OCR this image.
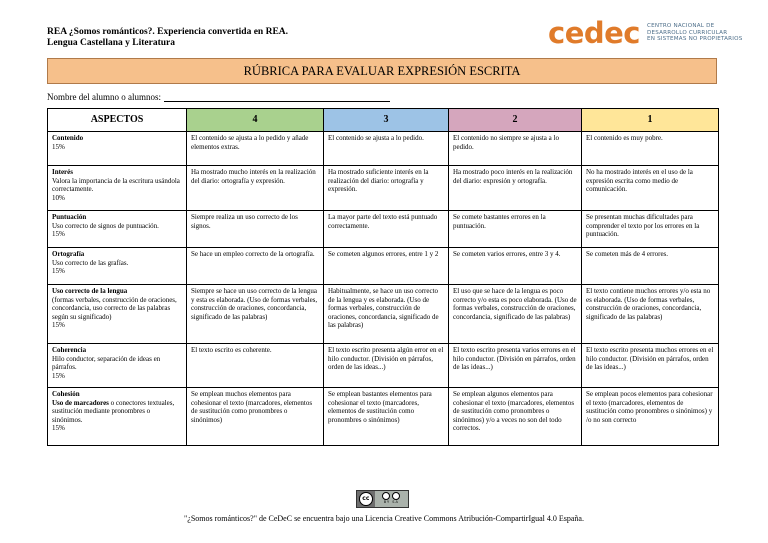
REA ¿Somos románticos?. Experiencia convertida en REA.
Lengua Castellana y Literatura	cedec CENTRO NACIONAL DE
DESARROLLO CURRICULAR
EN SISTEMAS NO PROPIETARIOS
RÚBRICA PARA EVALUAR EXPRESIÓN ESCRITA
Nombre del alumno o alumnos:
ASPECTOS	4	3	2	1
Contenido
15%	El contenido se ajusta a lo pedido y añade elementos extras.	El contenido se ajusta a lo pedido.	El contenido no siempre se ajusta a lo pedido.	El contenido es muy pobre.
Interés
Valora la importancia de la escritura usándola correctamente.
10%	Ha mostrado mucho interés en la realización del diario: ortografía y expresión.	Ha mostrado suficiente interés en la realización del diario: ortografía y expresión.	Ha mostrado poco interés en la realización del diario: expresión y ortografía.	No ha mostrado interés en el uso de la expresión escrita como medio de comunicación.
Puntuación
Uso correcto de signos de puntuación.
15%	Siempre realiza un uso correcto de los signos.	La mayor parte del texto está puntuado correctamente.	Se comete bastantes errores en la puntuación.	Se presentan muchas dificultades para comprender el texto por los errores en la puntuación.
Ortografía
Uso correcto de las grafías.
15%	Se hace un empleo correcto de la ortografía.	Se cometen algunos errores, entre 1 y 2	Se cometen varios errores, entre 3 y 4.	Se cometen más de 4 errores.
Uso correcto de la lengua
(formas verbales, construcción de oraciones, concordancia, uso correcto de las palabras según su significado)
15%	Siempre se hace un uso correcto de la lengua y esta es elaborada. (Uso de formas verbales, construcción de oraciones, concordancia, significado de las palabras)	Habitualmente, se hace un uso correcto de la lengua y es elaborada. (Uso de formas verbales, construcción de oraciones, concordancia, significado de las palabras)	El uso que se hace de la lengua es poco correcto y/o esta es poco elaborada. (Uso de formas verbales, construcción de oraciones, concordancia, significado de las palabras)	El texto contiene muchos errores y/o esta no es elaborada. (Uso de formas verbales, construcción de oraciones, concordancia, significado de las palabras)
Coherencia
Hilo conductor, separación de ideas en párrafos.
15%	El texto escrito es coherente.	El texto escrito presenta algún error en el hilo conductor. (División en párrafos, orden de las ideas...)	El texto escrito presenta varios errores en el hilo conductor. (División en párrafos, orden de las ideas...)	El texto escrito presenta muchos errores en el hilo conductor. (División en párrafos, orden de las ideas...)
Cohesión
Uso de marcadores o conectores textuales, sustitución mediante pronombres o sinónimos.
15%	Se emplean muchos elementos para cohesionar el texto (marcadores, elementos de sustitución como pronombres o sinónimos)	Se emplean bastantes elementos para cohesionar el texto (marcadores, elementos de sustitución como pronombres o sinónimos)	Se emplean algunos elementos para cohesionar el texto (marcadores, elementos de sustitución como pronombres o sinónimos) y/o a veces no son del todo correctos.	Se emplean pocos elementos para cohesionar el texto (marcadores, elementos de sustitución como pronombres o sinónimos) y /o no son correcto
cc	BY SA
"¿Somos románticos?" de CeDeC se encuentra bajo una Licencia Creative Commons Atribución-CompartirIgual 4.0 España.
